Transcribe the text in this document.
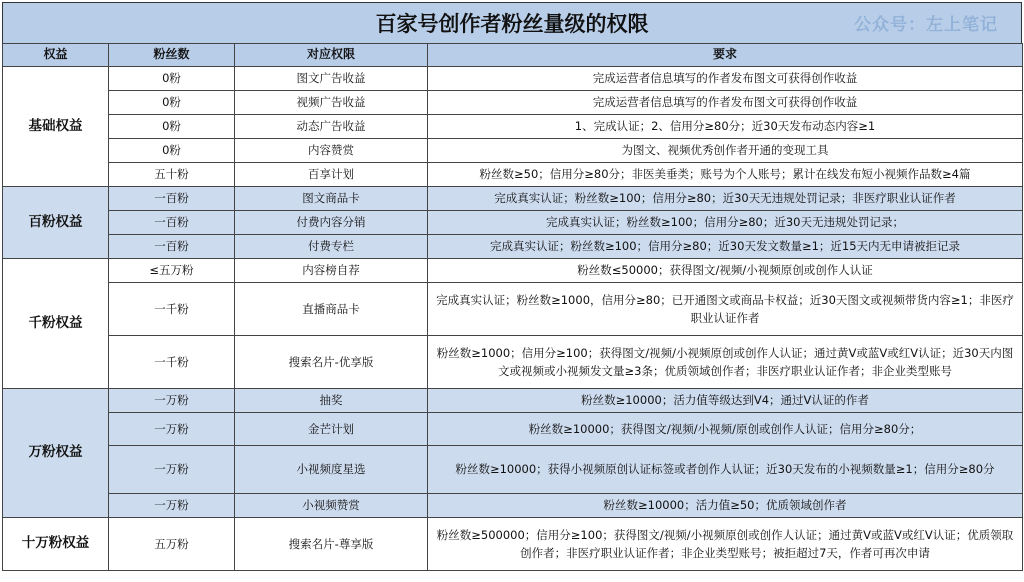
百家号创作者粉丝量级的权限	公众号：左上笔记
权益	粉丝数	对应权限	要求
基础权益	0粉	图文广告收益	完成运营者信息填写的作者发布图文可获得创作收益
	0粉	视频广告收益	完成运营者信息填写的作者发布图文可获得创作收益
	0粉	动态广告收益	1、完成认证；2、信用分≥80分；近30天发布动态内容≥1
	0粉	内容赞赏	为图文、视频优秀创作者开通的变现工具
	五十粉	百享计划	粉丝数≥50；信用分≥80分；非医美垂类；账号为个人账号；累计在线发布短小视频作品数≥4篇
百粉权益	一百粉	图文商品卡	完成真实认证；粉丝数≥100；信用分≥80；近30天无违规处罚记录；非医疗职业认证作者
	一百粉	付费内容分销	完成真实认证；粉丝数≥100；信用分≥80；近30天无违规处罚记录；
	一百粉	付费专栏	完成真实认证；粉丝数≥100；信用分≥80；近30天发文数量≥1；近15天内无申请被拒记录
千粉权益	≤五万粉	内容榜自荐	粉丝数≤50000；获得图文/视频/小视频原创或创作人认证
	一千粉	直播商品卡	完成真实认证；粉丝数≥1000，信用分≥80；已开通图文或商品卡权益；近30天图文或视频带货内容≥1；非医疗职业认证作者
	一千粉	搜索名片-优享版	粉丝数≥1000；信用分≥100；获得图文/视频/小视频原创或创作人认证；通过黄V或蓝V或红V认证；近30天内图文或视频或小视频发文量≥3条；优质领域创作者；非医疗职业认证作者；非企业类型账号
万粉权益	一万粉	抽奖	粉丝数≥10000；活力值等级达到V4；通过V认证的作者
	一万粉	金芒计划	粉丝数≥10000；获得图文/视频/小视频/原创或创作人认证；信用分≥80分；
	一万粉	小视频度星选	粉丝数≥10000；获得小视频原创认证标签或者创作人认证；近30天发布的小视频数量≥1；信用分≥80分
	一万粉	小视频赞赏	粉丝数≥10000；活力值≥50；优质领域创作者
十万粉权益	五万粉	搜索名片-尊享版	粉丝数≥500000；信用分≥100；获得图文/视频/小视频原创或创作人认证；通过黄V或蓝V或红V认证；优质领取创作者；非医疗职业认证作者；非企业类型账号；被拒超过7天，作者可再次申请
